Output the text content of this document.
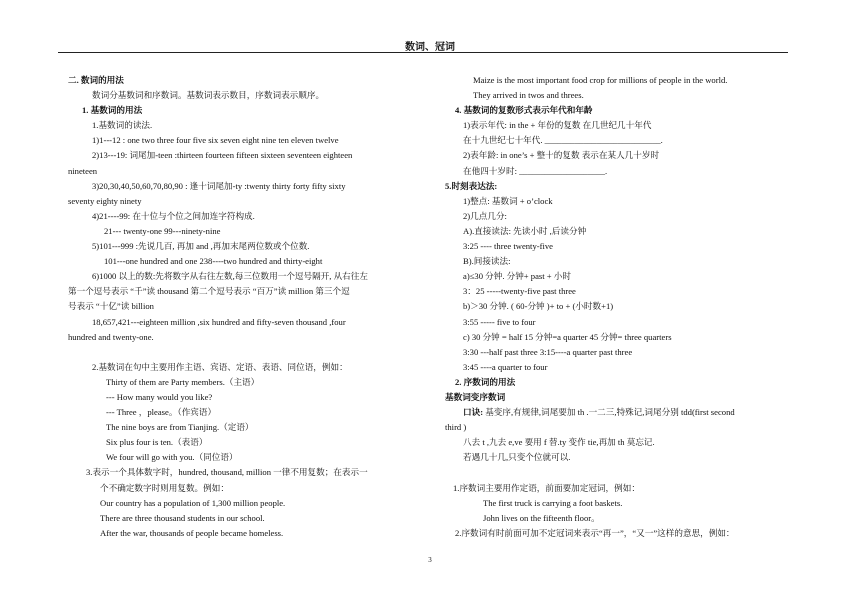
数词、冠词
二. 数词的用法
数词分基数词和序数词。基数词表示数目，序数词表示顺序。
1. 基数词的用法
1.基数词的读法.
1)1---12 : one two three four five six seven eight nine ten eleven twelve
2)13---19: 词尾加-teen :thirteen fourteen fifteen sixteen seventeen eighteen
nineteen
3)20,30,40,50,60,70,80,90 : 逢十词尾加-ty :twenty thirty forty fifty sixty
seventy eighty ninety
4)21----99: 在十位与个位之间加连字符构成.
21--- twenty-one 99---ninety-nine
5)101---999 :先说几百, 再加 and ,再加末尾两位数或个位数.
101---one hundred and one 238----two hundred and thirty-eight
6)1000 以上的数:先将数字从右往左数,每三位数用一个逗号隔开, 从右往左
第一个逗号表示 “千”读 thousand 第二个逗号表示 “百万”读 million 第三个逗
号表示 “十亿”读 billion
18,657,421---eighteen million ,six hundred and fifty-seven thousand ,four
hundred and twenty-one.
2.基数词在句中主要用作主语、宾语、定语、表语、同位语，例如：
Thirty of them are Party members.（主语）
--- How many would you like?
--- Three ，please。（作宾语）
The nine boys are from Tianjing.（定语）
Six plus four is ten.（表语）
We four will go with you.（同位语）
3.表示一个具体数字时，hundred, thousand, million 一律不用复数；在表示一
个不确定数字时则用复数。例如：
Our country has a population of 1,300 million people.
There are three thousand students in our school.
After the war, thousands of people became homeless.
Maize is the most important food crop for millions of people in the world.
They arrived in twos and threes.
4. 基数词的复数形式表示年代和年龄
1)表示年代: in the + 年份的复数 在几世纪几十年代
在十九世纪七十年代. ___________________________.
2)表年龄: in one’s + 整十的复数 表示在某人几十岁时
在他四十岁时: ____________________.
5.时刻表达法:
1)整点: 基数词 + o’clock
2)几点几分:
A).直接读法: 先读小时 ,后读分钟
3:25 ---- three twenty-five
B).间接读法:
a)≤30 分钟. 分钟+ past + 小时
3：25 -----twenty-five past three
b)＞30 分钟. ( 60-分钟 )+ to + (小时数+1)
3:55 ----- five to four
c) 30 分钟 = half 15 分钟=a quarter 45 分钟= three quarters
3:30 ---half past three 3:15----a quarter past three
3:45 ----a quarter to four
2. 序数词的用法
基数词变序数词
口诀: 基变序,有规律,词尾要加 th .一二三,特殊记,词尾分别 tdd(first second
third )
八去 t ,九去 e,ve 要用 f 替.ty 变作 tie,再加 th 莫忘记.
若遇几十几,只变个位就可以.
1.序数词主要用作定语，前面要加定冠词，例如：
The first truck is carrying a foot baskets.
John lives on the fifteenth floor。
2.序数词有时前面可加不定冠词来表示“再一”，“又一”这样的意思，例如：
3
